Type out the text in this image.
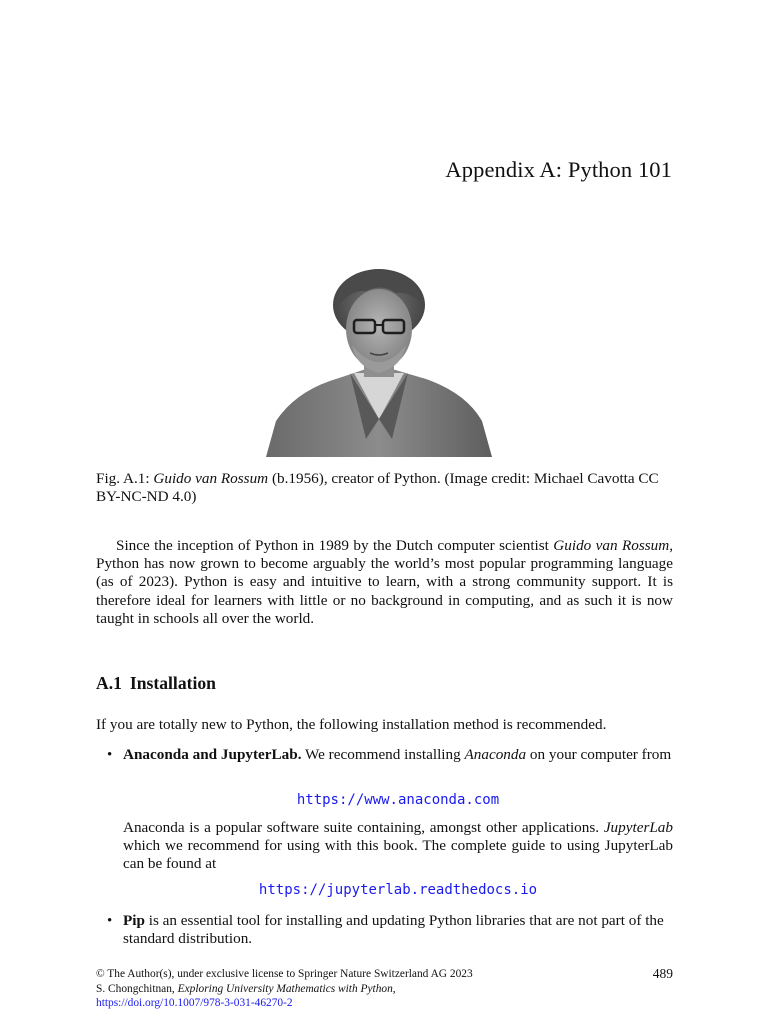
Appendix A: Python 101
Fig. A.1: Guido van Rossum (b.1956), creator of Python. (Image credit: Michael Cavotta CC BY-NC-ND 4.0)
Since the inception of Python in 1989 by the Dutch computer scientist Guido van Rossum, Python has now grown to become arguably the world’s most popular programming language (as of 2023). Python is easy and intuitive to learn, with a strong community support. It is therefore ideal for learners with little or no background in computing, and as such it is now taught in schools all over the world.
A.1 Installation
If you are totally new to Python, the following installation method is recommended.
• Anaconda and JupyterLab. We recommend installing Anaconda on your computer from
https://www.anaconda.com
Anaconda is a popular software suite containing, amongst other applications. JupyterLab which we recommend for using with this book. The complete guide to using JupyterLab can be found at
https://jupyterlab.readthedocs.io
• Pip is an essential tool for installing and updating Python libraries that are not part of the standard distribution.
© The Author(s), under exclusive license to Springer Nature Switzerland AG 2023
S. Chongchitnan, Exploring University Mathematics with Python,
https://doi.org/10.1007/978-3-031-46270-2
489
